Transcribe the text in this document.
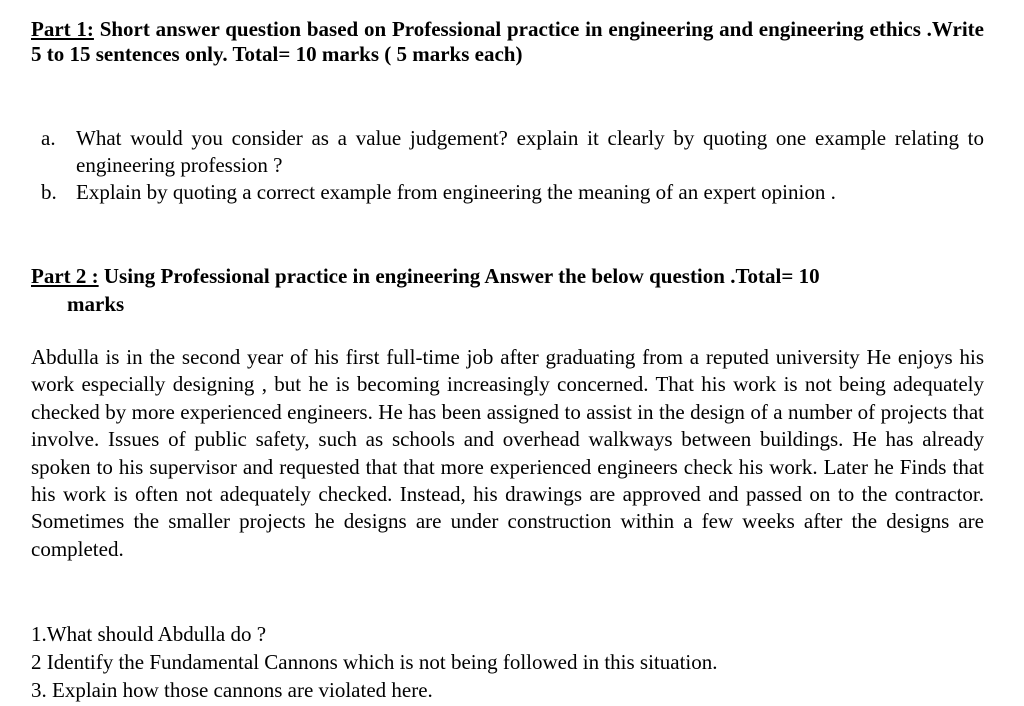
Part 1: Short answer question based on Professional practice in engineering and engineering ethics .Write 5 to 15 sentences only. Total= 10 marks ( 5 marks each)

a. What would you consider as a value judgement? explain it clearly by quoting one example relating to engineering profession ?
b. Explain by quoting a correct example from engineering the meaning of an expert opinion .
Part 2 : Using Professional practice in engineering Answer the below question .Total= 10
marks

Abdulla is in the second year of his first full-time job after graduating from a reputed university He enjoys his work especially designing , but he is becoming increasingly concerned. That his work is not being adequately checked by more experienced engineers. He has been assigned to assist in the design of a number of projects that involve. Issues of public safety, such as schools and overhead walkways between buildings. He has already spoken to his supervisor and requested that that more experienced engineers check his work. Later he Finds that his work is often not adequately checked. Instead, his drawings are approved and passed on to the contractor. Sometimes the smaller projects he designs are under construction within a few weeks after the designs are completed.

1.What should Abdulla do ?
2 Identify the Fundamental Cannons which is not being followed in this situation.
3. Explain how those cannons are violated here.
